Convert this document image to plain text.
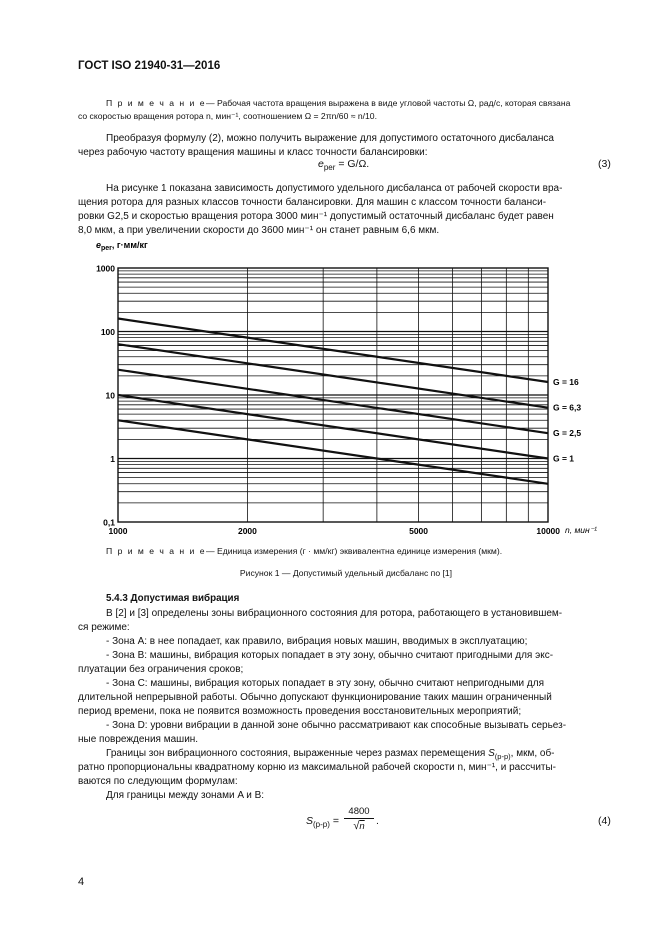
ГОСТ ISO 21940-31—2016
П р и м е ч а н и е— Рабочая частота вращения выражена в виде угловой частоты Ω, рад/с, которая связана
со скоростью вращения ротора n, мин⁻¹, соотношением Ω = 2πn/60 ≈ n/10.
Преобразуя формулу (2), можно получить выражение для допустимого остаточного дисбаланса
через рабочую частоту вращения машины и класс точности балансировки:
$e_{per} = G/\Omega$.	(3)
На рисунке 1 показана зависимость допустимого удельного дисбаланса от рабочей скорости вра-
щения ротора для разных классов точности балансировки. Для машин с классом точности баланси-
ровки G2,5 и скоростью вращения ротора 3000 мин⁻¹ допустимый остаточный дисбаланс будет равен
8,0 мкм, а при увеличении скорости до 3600 мин⁻¹ он станет равным 6,6 мкм.
1000
100
10
1
0,1
1000	2000	5000	10000
G = 16
G = 6,3
G = 2,5
G = 1
$e_{per}$, г·мм/кг
n, мин⁻¹
П р и м е ч а н и е— Единица измерения (г · мм/кг) эквивалентна единице измерения (мкм).
Рисунок 1 — Допустимый удельный дисбаланс по [1]
5.4.3 Допустимая вибрация
В [2] и [3] определены зоны вибрационного состояния для ротора, работающего в установившем-
ся режиме:
- Зона A: в нее попадает, как правило, вибрация новых машин, вводимых в эксплуатацию;
- Зона B: машины, вибрация которых попадает в эту зону, обычно считают пригодными для экс-
плуатации без ограничения сроков;
- Зона C: машины, вибрация которых попадает в эту зону, обычно считают непригодными для
длительной непрерывной работы. Обычно допускают функционирование таких машин ограниченный
период времени, пока не появится возможность проведения восстановительных мероприятий;
- Зона D: уровни вибрации в данной зоне обычно рассматривают как способные вызывать серьез-
ные повреждения машин.
Границы зон вибрационного состояния, выраженные через размах перемещения $S_{(p-p)}$, мкм, об-
ратно пропорциональны квадратному корню из максимальной рабочей скорости n, мин⁻¹, и рассчиты-
ваются по следующим формулам:
Для границы между зонами A и B:
$S_{(p-p)} = \frac{4800}{√n}$ .	(4)
4
